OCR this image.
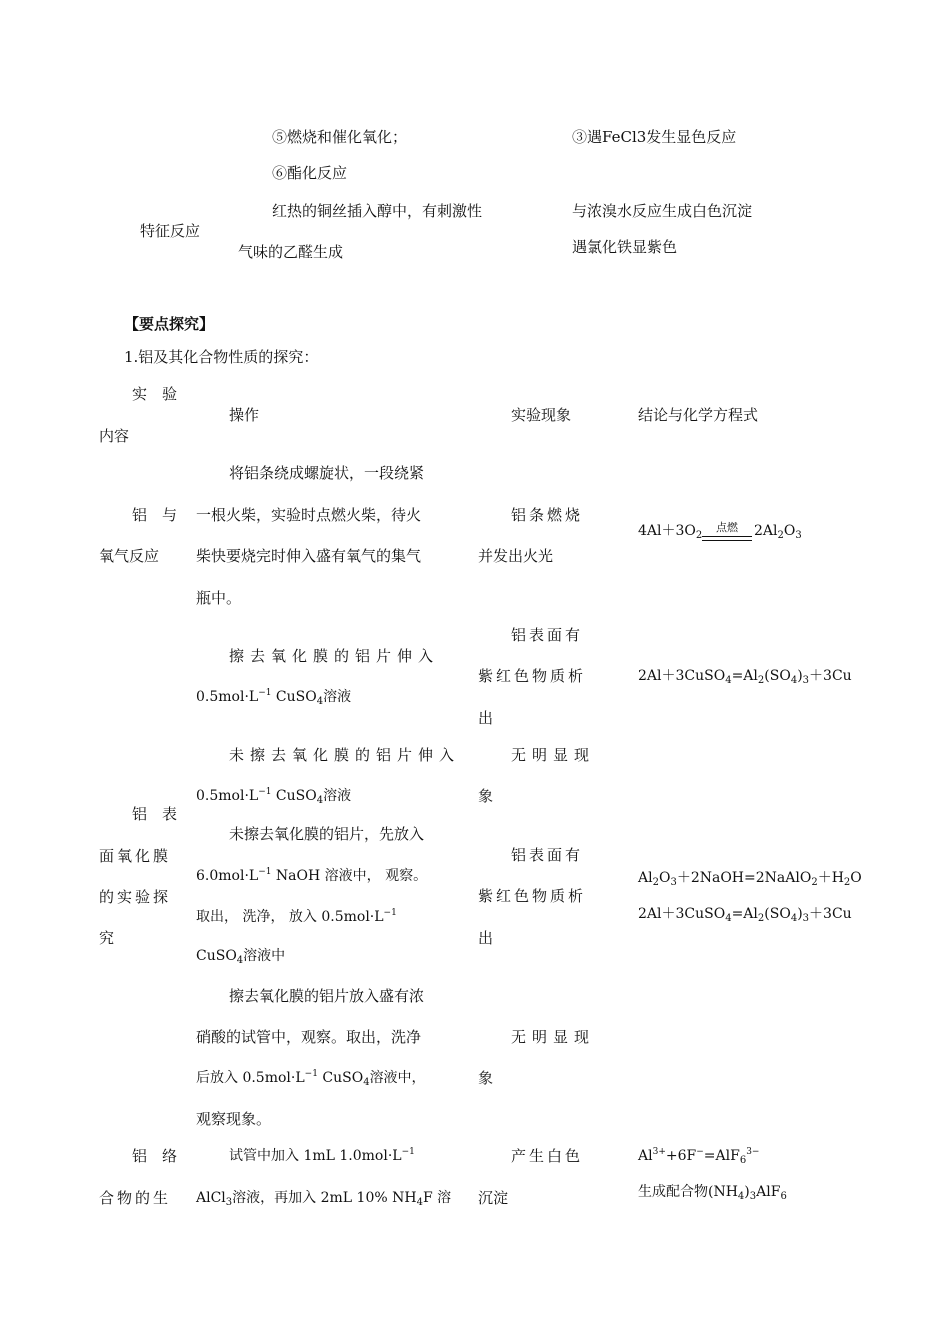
⑤燃烧和催化氧化；
⑥酯化反应
红热的铜丝插入醇中，有刺激性
气味的乙醛生成
特征反应
③遇FeCl3发生显色反应
与浓溴水反应生成白色沉淀
遇氯化铁显紫色
【要点探究】
1.铝及其化合物性质的探究：
实　验
内容
操作	实验现象	结论与化学方程式
铝　与
氧气反应
将铝条绕成螺旋状，一段绕紧
一根火柴，实验时点燃火柴，待火
柴快要烧完时伸入盛有氧气的集气
瓶中。
铝条燃烧
并发出火光
$4Al+3O_2$
点燃 $2Al_2O_3$
擦去氧化膜的铝片伸入
$0.5mol\cdot L^{-1}$ CuSO$_4$溶液
铝表面有
紫红色物质析
出
$2Al+3CuSO_4=Al_2(SO_4)_3+3Cu$
未擦去氧化膜的铝片伸入
$0.5mol\cdot L^{-1}$ CuSO$_4$溶液
无明显现
象
铝　表
面氧化膜
的实验探
究
未擦去氧化膜的铝片，先放入
$6.0mol\cdot L^{-1}$ NaOH 溶液中， 观察。
取出， 洗净， 放入 $0.5mol\cdot L^{-1}$
CuSO$_4$溶液中
铝表面有
紫红色物质析
出
$Al_2O_3+2NaOH=2NaAlO_2+H_2O$
$2Al+3CuSO_4=Al_2(SO_4)_3+3Cu$
擦去氧化膜的铝片放入盛有浓
硝酸的试管中，观察。取出，洗净
后放入 $0.5mol\cdot L^{-1}$ CuSO$_4$溶液中，
观察现象。
无明显现
象
铝　络
合物的生
试管中加入 1mL $1.0mol\cdot L^{-1}$
AlCl$_3$溶液，再加入 2mL 10% $NH_4F$ 溶
产生白色
沉淀
$Al^{3+}+6F^-=AlF_6^{3-}$
生成配合物$(NH_4)_3AlF_6$
